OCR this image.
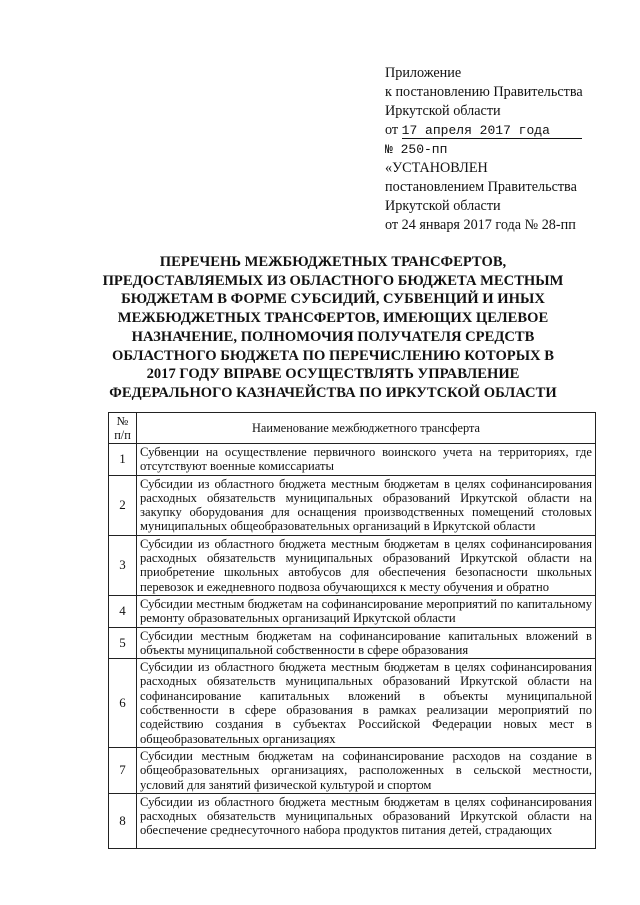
Приложение
к постановлению Правительства
Иркутской области
от 17 апреля 2017 года
№ 250-пп
«УСТАНОВЛЕН
постановлением Правительства
Иркутской области
от 24 января 2017 года № 28-пп
ПЕРЕЧЕНЬ МЕЖБЮДЖЕТНЫХ ТРАНСФЕРТОВ,
ПРЕДОСТАВЛЯЕМЫХ ИЗ ОБЛАСТНОГО БЮДЖЕТА МЕСТНЫМ
БЮДЖЕТАМ В ФОРМЕ СУБСИДИЙ, СУБВЕНЦИЙ И ИНЫХ
МЕЖБЮДЖЕТНЫХ ТРАНСФЕРТОВ, ИМЕЮЩИХ ЦЕЛЕВОЕ
НАЗНАЧЕНИЕ, ПОЛНОМОЧИЯ ПОЛУЧАТЕЛЯ СРЕДСТВ
ОБЛАСТНОГО БЮДЖЕТА ПО ПЕРЕЧИСЛЕНИЮ КОТОРЫХ В
2017 ГОДУ ВПРАВЕ ОСУЩЕСТВЛЯТЬ УПРАВЛЕНИЕ
ФЕДЕРАЛЬНОГО КАЗНАЧЕЙСТВА ПО ИРКУТСКОЙ ОБЛАСТИ
№
п/п	Наименование межбюджетного трансферта
1	Субвенции на осуществление первичного воинского учета на территориях, где отсутствуют военные комиссариаты
2	Субсидии из областного бюджета местным бюджетам в целях софинансирования расходных обязательств муниципальных образований Иркутской области на закупку оборудования для оснащения производственных помещений столовых муниципальных общеобразовательных организаций в Иркутской области
3	Субсидии из областного бюджета местным бюджетам в целях софинансирования расходных обязательств муниципальных образований Иркутской области на приобретение школьных автобусов для обеспечения безопасности школьных перевозок и ежедневного подвоза обучающихся к месту обучения и обратно
4	Субсидии местным бюджетам на софинансирование мероприятий по капитальному ремонту образовательных организаций Иркутской области
5	Субсидии местным бюджетам на софинансирование капитальных вложений в объекты муниципальной собственности в сфере образования
6	Субсидии из областного бюджета местным бюджетам в целях софинансирования расходных обязательств муниципальных образований Иркутской области на софинансирование капитальных вложений в объекты муниципальной собственности в сфере образования в рамках реализации мероприятий по содействию создания в субъектах Российской Федерации новых мест в общеобразовательных организациях
7	Субсидии местным бюджетам на софинансирование расходов на создание в общеобразовательных организациях, расположенных в сельской местности, условий для занятий физической культурой и спортом
8	Субсидии из областного бюджета местным бюджетам в целях софинансирования расходных обязательств муниципальных образований Иркутской области на обеспечение среднесуточного набора продуктов питания детей, страдающих
